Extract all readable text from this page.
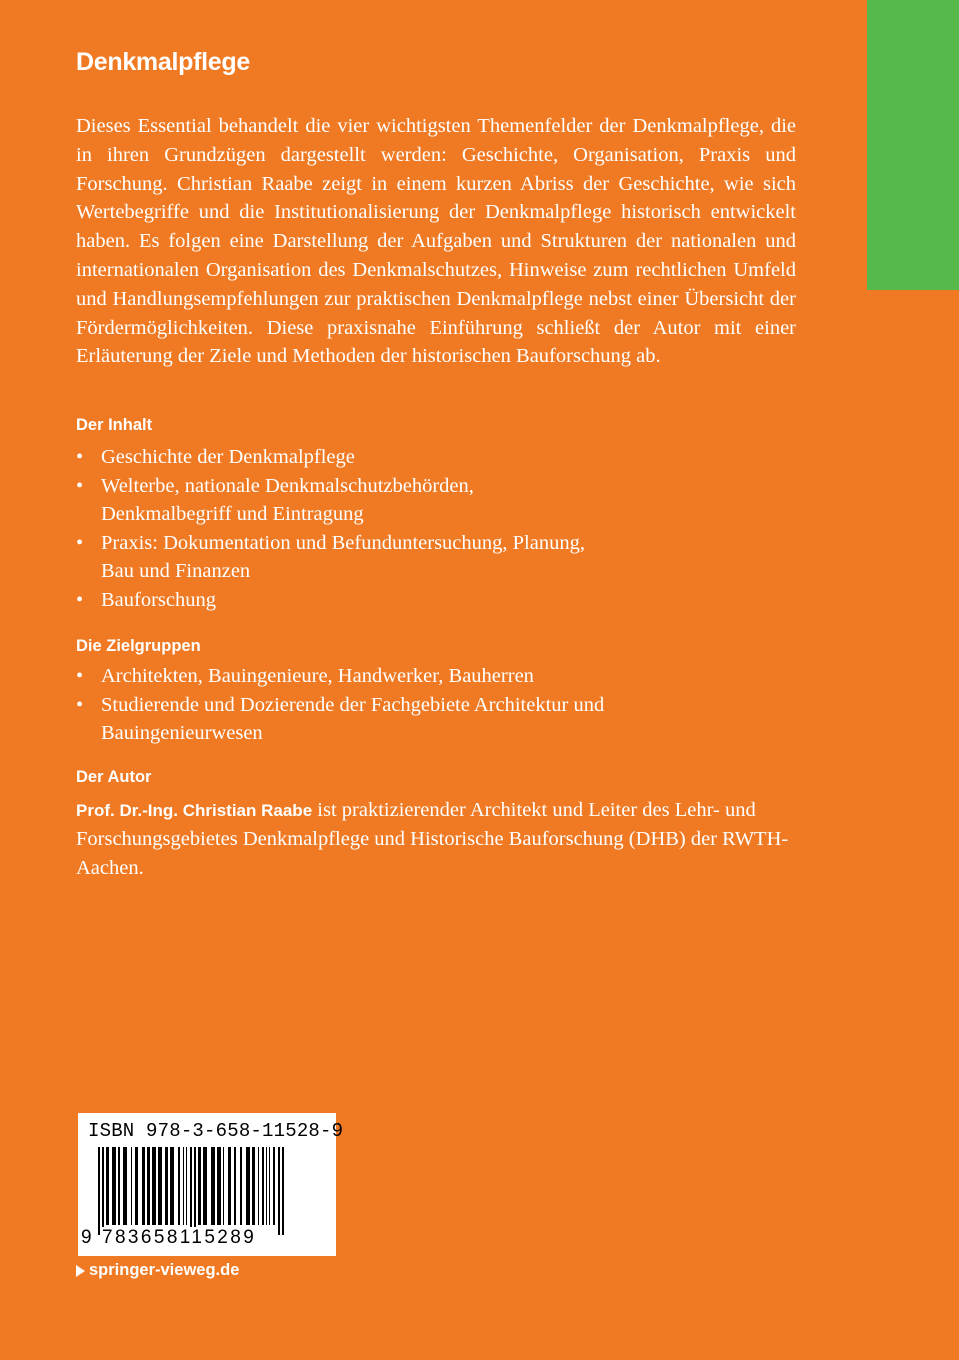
Denkmalpflege

Dieses Essential behandelt die vier wichtigsten Themenfelder der Denkmalpflege, die in ihren Grundzügen dargestellt werden: Geschichte, Organisation, Praxis und Forschung. Christian Raabe zeigt in einem kurzen Abriss der Geschichte, wie sich Wertebegriffe und die Institutionalisierung der Denkmalpflege historisch entwickelt haben. Es folgen eine Darstellung der Aufgaben und Strukturen der nationalen und internationalen Organisation des Denkmalschutzes, Hinweise zum rechtlichen Umfeld und Handlungsempfehlungen zur praktischen Denkmalpflege nebst einer Übersicht der Fördermöglichkeiten. Diese praxisnahe Einführung schließt der Autor mit einer Erläuterung der Ziele und Methoden der historischen Bauforschung ab.

Der Inhalt
• Geschichte der Denkmalpflege
• Welterbe, nationale Denkmalschutzbehörden, Denkmalbegriff und Eintragung
• Praxis: Dokumentation und Befunduntersuchung, Planung, Bau und Finanzen
• Bauforschung
Die Zielgruppen
• Architekten, Bauingenieure, Handwerker, Bauherren
• Studierende und Dozierende der Fachgebiete Architektur und Bauingenieurwesen
Der Autor

Prof. Dr.-Ing. Christian Raabe ist praktizierender Architekt und Leiter des Lehr- und Forschungsgebietes Denkmalpflege und Historische Bauforschung (DHB) der RWTH-Aachen.

ISBN 978-3-658-11528-9
9 783658115289
springer-vieweg.de
